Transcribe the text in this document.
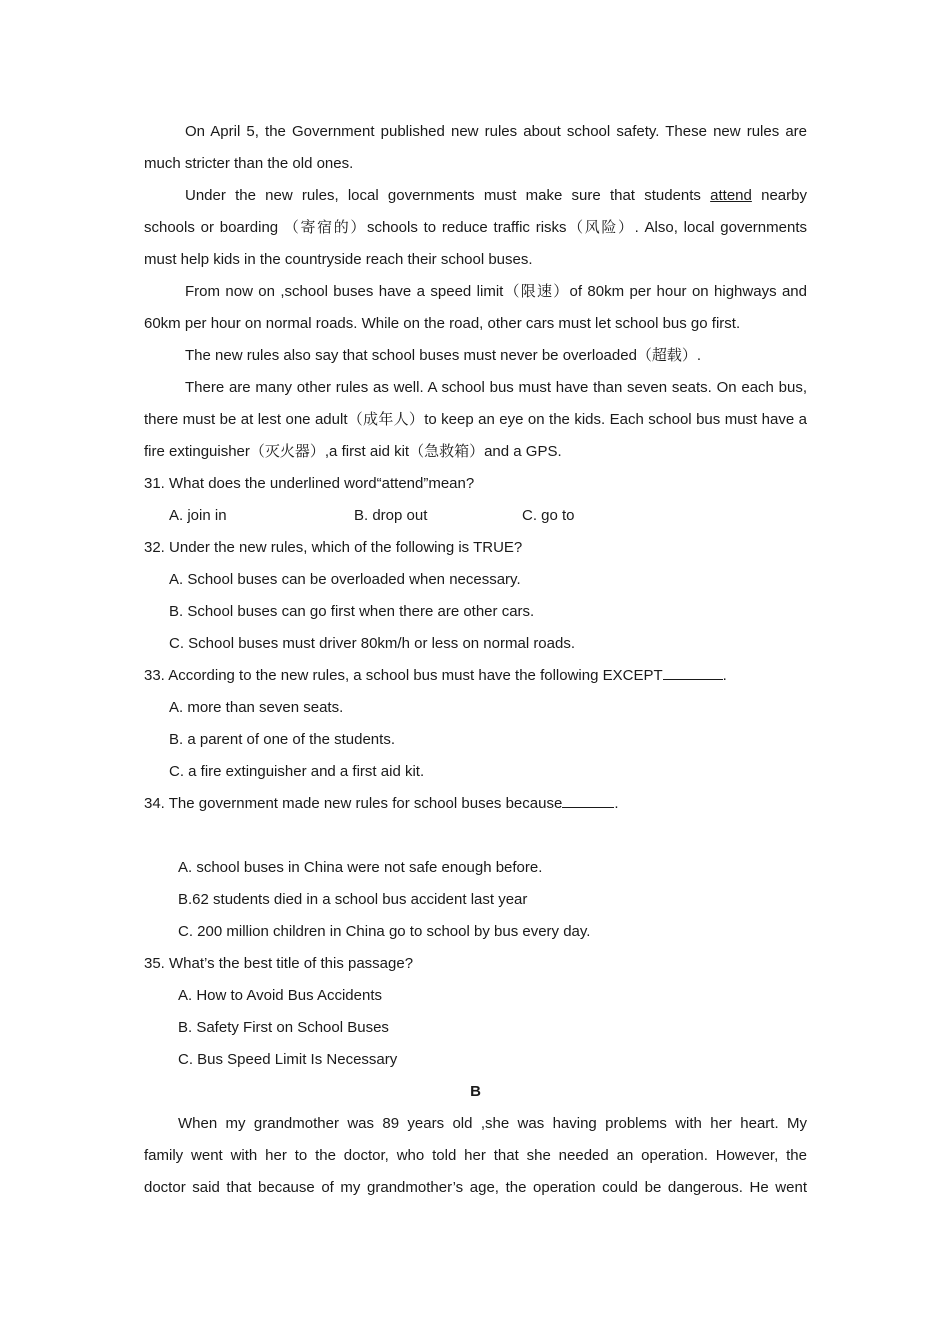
On April 5, the Government published new rules about school safety. These new rules are
much stricter than the old ones.
Under the new rules, local governments must make sure that students attend nearby
schools or boarding （寄宿的）schools to reduce traffic risks（风险）. Also, local governments
must help kids in the countryside reach their school buses.
From now on ,school buses have a speed limit（限速）of 80km per hour on highways and
60km per hour on normal roads. While on the road, other cars must let school bus go first.
The new rules also say that school buses must never be overloaded（超载）.
There are many other rules as well. A school bus must have than seven seats. On each bus,
there must be at lest one adult（成年人）to keep an eye on the kids. Each school bus must have a
fire extinguisher（灭火器）,a first aid kit（急救箱）and a GPS.
31. What does the underlined word“attend”mean?
A. join in	B. drop out	C. go to
32. Under the new rules, which of the following is TRUE?
A. School buses can be overloaded when necessary.
B. School buses can go first when there are other cars.
C. School buses must driver 80km/h or less on normal roads.
33. According to the new rules, a school bus must have the following EXCEPT	.
A. more than seven seats.
B. a parent of one of the students.
C. a fire extinguisher and a first aid kit.
34. The government made new rules for school buses because	.
A. school buses in China were not safe enough before.
B.62 students died in a school bus accident last year
C. 200 million children in China go to school by bus every day.
35. What’s the best title of this passage?
A. How to Avoid Bus Accidents
B. Safety First on School Buses
C. Bus Speed Limit Is Necessary
B
When my grandmother was 89 years old ,she was having problems with her heart. My
family went with her to the doctor, who told her that she needed an operation. However, the
doctor said that because of my grandmother’s age, the operation could be dangerous. He went
